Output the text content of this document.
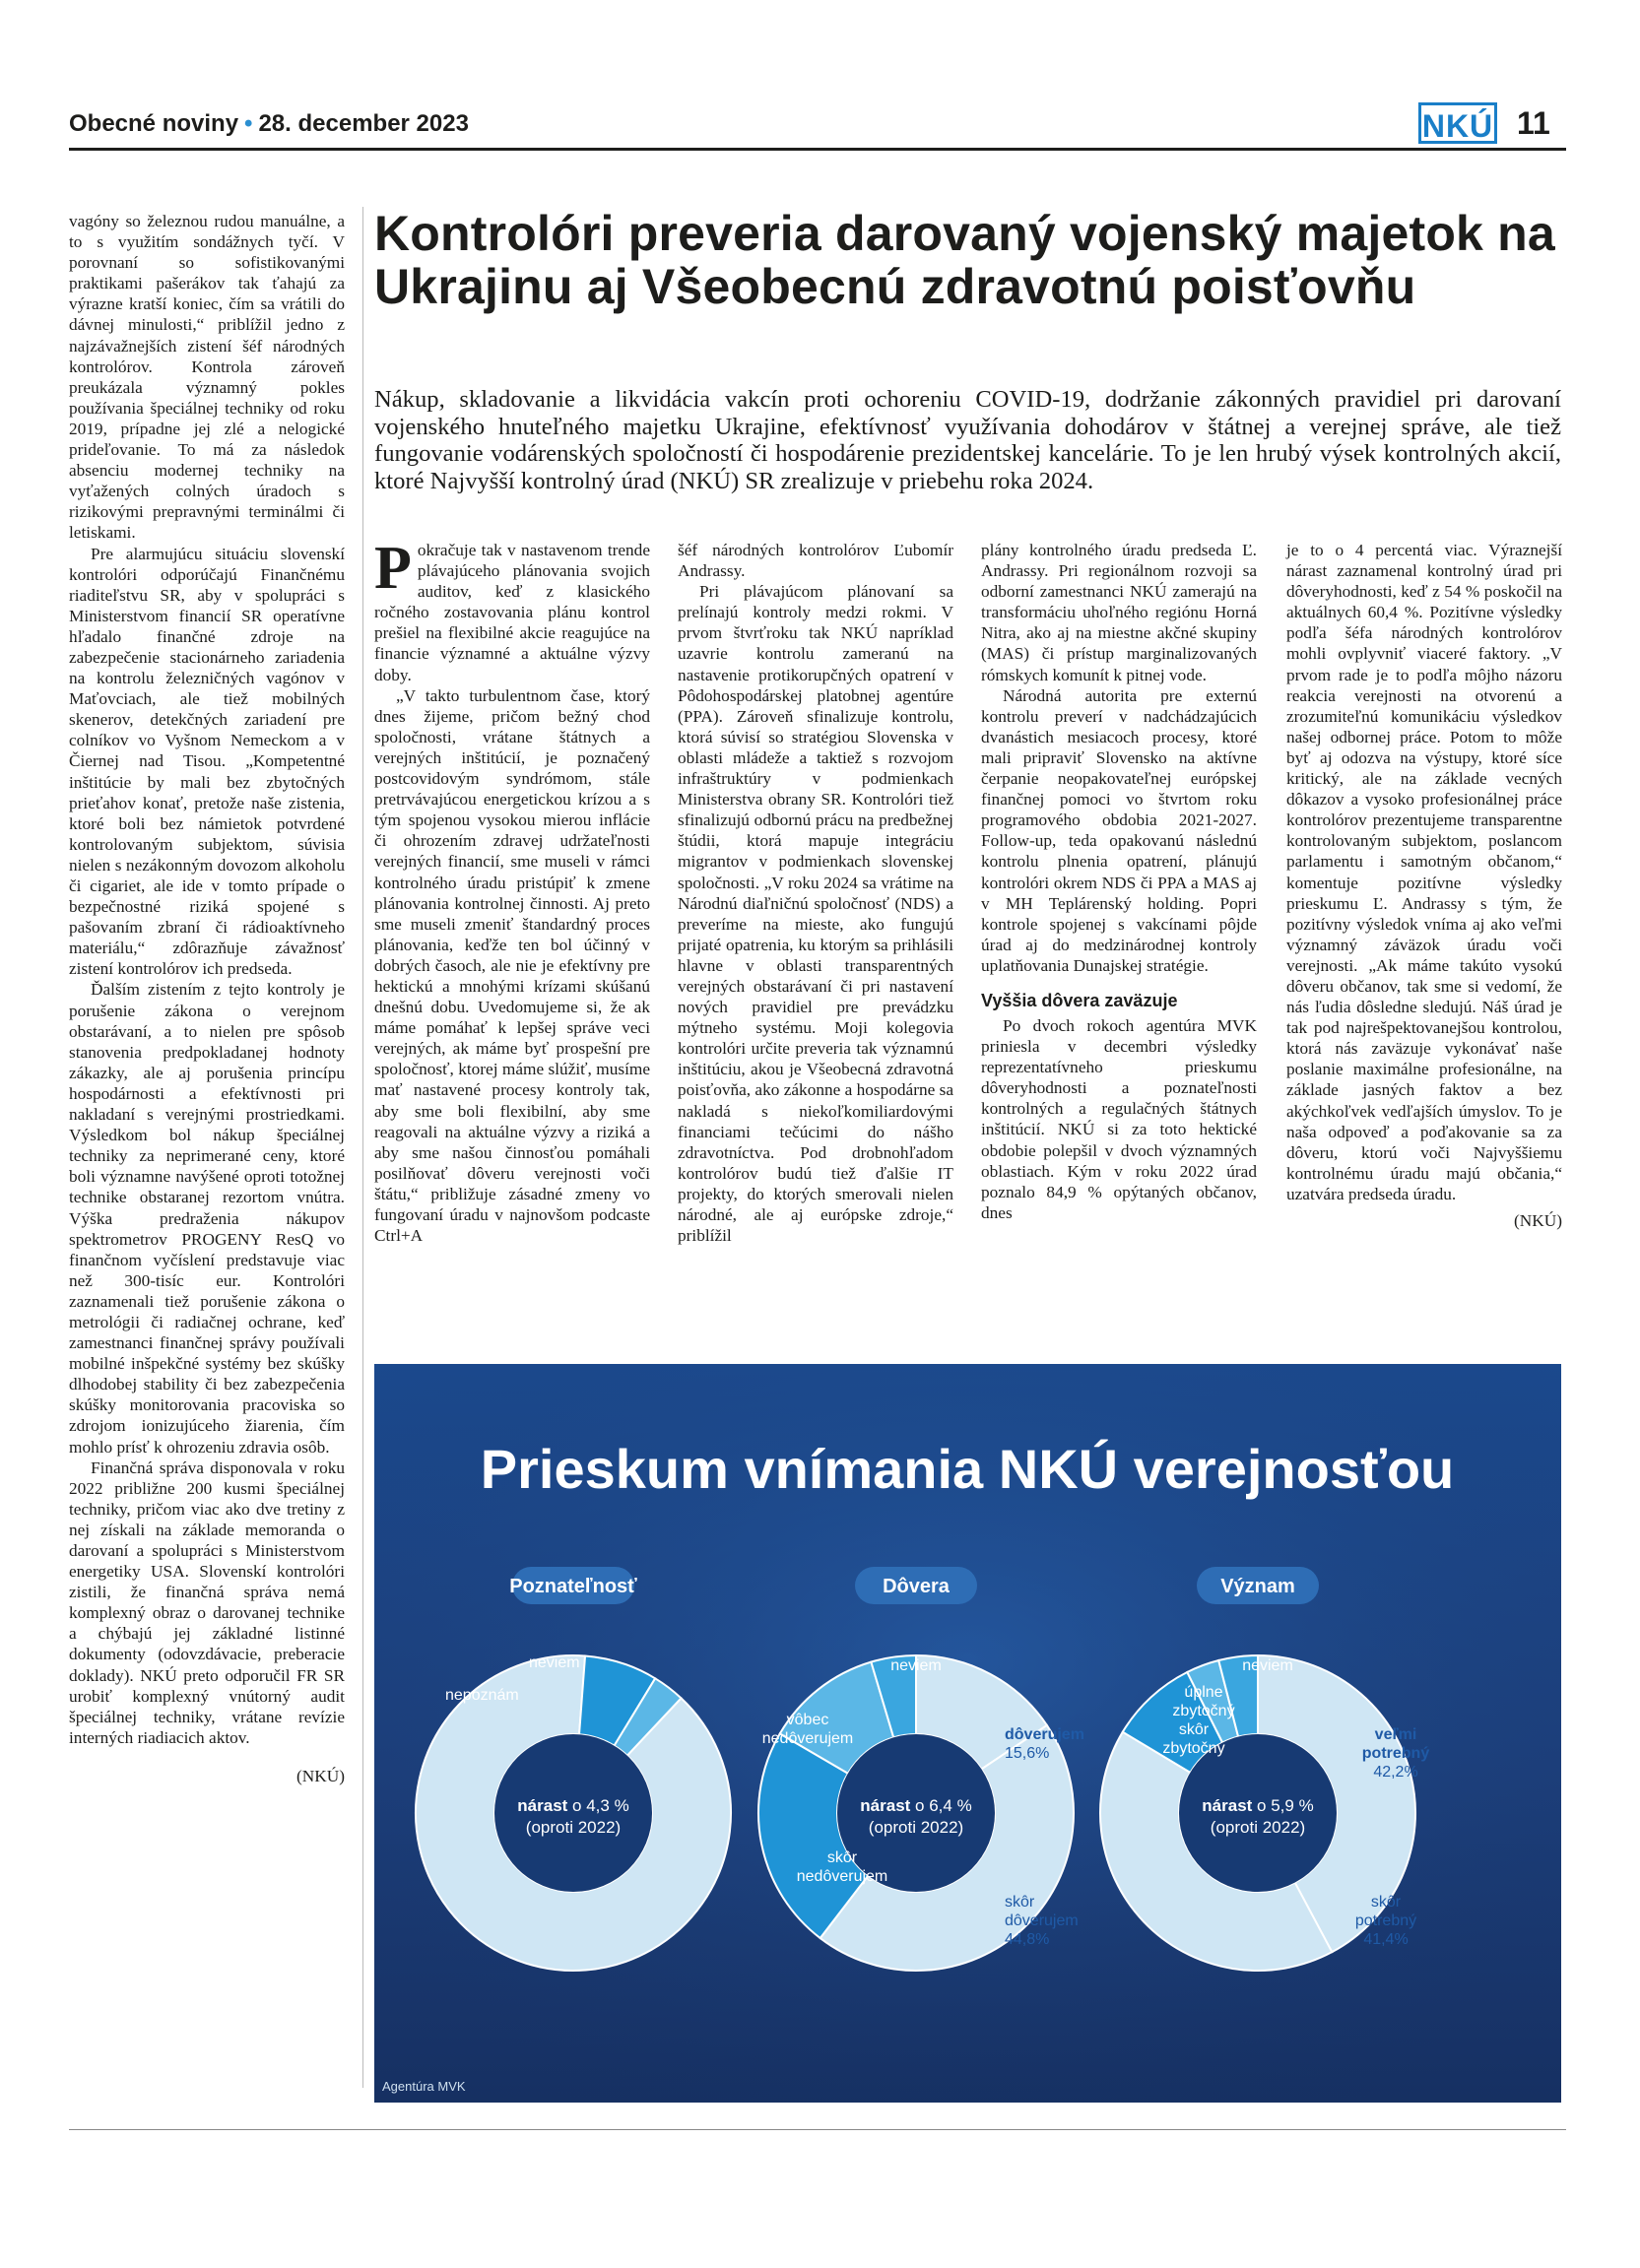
Obecné noviny • 28. december 2023	NKÚ 11

vagóny so železnou rudou manuálne, a to s využitím sondážnych tyčí. V porovnaní so sofistikovanými praktikami pašerákov tak ťahajú za výrazne kratší koniec, čím sa vrátili do dávnej minulosti,“ priblížil jedno z najzávažnejších zistení šéf národných kontrolórov. Kontrola zároveň preukázala významný pokles používania špeciálnej techniky od roku 2019, prípadne jej zlé a nelogické prideľovanie. To má za následok absenciu modernej techniky na vyťažených colných úradoch s rizikovými prepravnými terminálmi či letiskami.

Pre alarmujúcu situáciu slovenskí kontrolóri odporúčajú Finančnému riaditeľstvu SR, aby v spolupráci s Ministerstvom financií SR operatívne hľadalo finančné zdroje na zabezpečenie stacionárneho zariadenia na kontrolu železničných vagónov v Maťovciach, ale tiež mobilných skenerov, detekčných zariadení pre colníkov vo Vyšnom Nemeckom a v Čiernej nad Tisou. „Kompetentné inštitúcie by mali bez zbytočných prieťahov konať, pretože naše zistenia, ktoré boli bez námietok potvrdené kontrolovaným subjektom, súvisia nielen s nezákonným dovozom alkoholu či cigariet, ale ide v tomto prípade o bezpečnostné riziká spojené s pašovaním zbraní či rádioaktívneho materiálu,“ zdôrazňuje závažnosť zistení kontrolórov ich predseda.

Ďalším zistením z tejto kontroly je porušenie zákona o verejnom obstarávaní, a to nielen pre spôsob stanovenia predpokladanej hodnoty zákazky, ale aj porušenia princípu hospodárnosti a efektívnosti pri nakladaní s verejnými prostriedkami. Výsledkom bol nákup špeciálnej techniky za neprimerané ceny, ktoré boli významne navýšené oproti totožnej technike obstaranej rezortom vnútra. Výška predraženia nákupov spektrometrov PROGENY ResQ vo finančnom vyčíslení predstavuje viac než 300-tisíc eur. Kontrolóri zaznamenali tiež porušenie zákona o metrológii či radiačnej ochrane, keď zamestnanci finančnej správy používali mobilné inšpekčné systémy bez skúšky dlhodobej stability či bez zabezpečenia skúšky monitorovania pracoviska so zdrojom ionizujúceho žiarenia, čím mohlo prísť k ohrozeniu zdravia osôb.

Finančná správa disponovala v roku 2022 približne 200 kusmi špeciálnej techniky, pričom viac ako dve tretiny z nej získali na základe memoranda o darovaní a spolupráci s Ministerstvom energetiky USA. Slovenskí kontrolóri zistili, že finančná správa nemá komplexný obraz o darovanej technike a chýbajú jej základné listinné dokumenty (odovzdávacie, preberacie doklady). NKÚ preto odporučil FR SR urobiť komplexný vnútorný audit špeciálnej techniky, vrátane revízie interných riadiacich aktov.

(NKÚ)

Kontrolóri preveria darovaný vojenský majetok na Ukrajinu aj Všeobecnú zdravotnú poisťovňu

Nákup, skladovanie a likvidácia vakcín proti ochoreniu COVID-19, dodržanie zákonných pravidiel pri darovaní vojenského hnuteľného majetku Ukrajine, efektívnosť využívania dohodárov v štátnej a verejnej správe, ale tiež fungovanie vodárenských spoločností či hospodárenie prezidentskej kancelárie. To je len hrubý výsek kontrolných akcií, ktoré Najvyšší kontrolný úrad (NKÚ) SR zrealizuje v priebehu roka 2024.

Pokračuje tak v nastavenom trende plávajúceho plánovania svojich auditov, keď z klasického ročného zostavovania plánu kontrol prešiel na flexibilné akcie reagujúce na financie významné a aktuálne výzvy doby.

„V takto turbulentnom čase, ktorý dnes žijeme, pričom bežný chod spoločnosti, vrátane štátnych a verejných inštitúcií, je poznačený postcovidovým syndrómom, stále pretrvávajúcou energetickou krízou a s tým spojenou vysokou mierou inflácie či ohrozením zdravej udržateľnosti verejných financií, sme museli v rámci kontrolného úradu pristúpiť k zmene plánovania kontrolnej činnosti. Aj preto sme museli zmeniť štandardný proces plánovania, keďže ten bol účinný v dobrých časoch, ale nie je efektívny pre hektickú a mnohými krízami skúšanú dnešnú dobu. Uvedomujeme si, že ak máme pomáhať k lepšej správe veci verejných, ak máme byť prospešní pre spoločnosť, ktorej máme slúžiť, musíme mať nastavené procesy kontroly tak, aby sme boli flexibilní, aby sme reagovali na aktuálne výzvy a riziká a aby sme našou činnosťou pomáhali posilňovať dôveru verejnosti voči štátu,“ približuje zásadné zmeny vo fungovaní úradu v najnovšom podcaste Ctrl+A

šéf národných kontrolórov Ľubomír Andrassy.

Pri plávajúcom plánovaní sa prelínajú kontroly medzi rokmi. V prvom štvrťroku tak NKÚ napríklad uzavrie kontrolu zameranú na nastavenie protikorupčných opatrení v Pôdohospodárskej platobnej agentúre (PPA). Zároveň sfinalizuje kontrolu, ktorá súvisí so stratégiou Slovenska v oblasti mládeže a taktiež s rozvojom infraštruktúry v podmienkach Ministerstva obrany SR. Kontrolóri tiež sfinalizujú odbornú prácu na predbežnej štúdii, ktorá mapuje integráciu migrantov v podmienkach slovenskej spoločnosti. „V roku 2024 sa vrátime na Národnú diaľničnú spoločnosť (NDS) a preveríme na mieste, ako fungujú prijaté opatrenia, ku ktorým sa prihlásili hlavne v oblasti transparentných verejných obstarávaní či pri nastavení nových pravidiel pre prevádzku mýtneho systému. Moji kolegovia kontrolóri určite preveria tak významnú inštitúciu, akou je Všeobecná zdravotná poisťovňa, ako zákonne a hospodárne sa nakladá s niekoľkomiliardovými financiami tečúcimi do nášho zdravotníctva. Pod drobnohľadom kontrolórov budú tiež ďalšie IT projekty, do ktorých smerovali nielen národné, ale aj európske zdroje,“ priblížil

plány kontrolného úradu predseda Ľ. Andrassy. Pri regionálnom rozvoji sa odborní zamestnanci NKÚ zamerajú na transformáciu uhoľného regiónu Horná Nitra, ako aj na miestne akčné skupiny (MAS) či prístup marginalizovaných rómskych komunít k pitnej vode.

Národná autorita pre externú kontrolu preverí v nadchádzajúcich dvanástich mesiacoch procesy, ktoré mali pripraviť Slovensko na aktívne čerpanie neopakovateľnej európskej finančnej pomoci vo štvrtom roku programového obdobia 2021-2027. Follow-up, teda opakovanú následnú kontrolu plnenia opatrení, plánujú kontrolóri okrem NDS či PPA a MAS aj v MH Teplárenský holding. Popri kontrole spojenej s vakcínami pôjde úrad aj do medzinárodnej kontroly uplatňovania Dunajskej stratégie.

Vyššia dôvera zaväzuje

Po dvoch rokoch agentúra MVK priniesla v decembri výsledky reprezentatívneho prieskumu dôveryhodnosti a poznateľnosti kontrolných a regulačných štátnych inštitúcií. NKÚ si za toto hektické obdobie polepšil v dvoch významných oblastiach. Kým v roku 2022 úrad poznalo 84,9 % opýtaných občanov, dnes

je to o 4 percentá viac. Výraznejší nárast zaznamenal kontrolný úrad pri dôveryhodnosti, keď z 54 % poskočil na aktuálnych 60,4 %. Pozitívne výsledky podľa šéfa národných kontrolórov mohli ovplyvniť viaceré faktory. „V prvom rade je to podľa môjho názoru reakcia verejnosti na otvorenú a zrozumiteľnú komunikáciu výsledkov našej odbornej práce. Potom to môže byť aj odozva na výstupy, ktoré síce kritický, ale na základe vecných dôkazov a vysoko profesionálnej práce kontrolórov prezentujeme transparentne kontrolovaným subjektom, poslancom parlamentu i samotným občanom,“ komentuje pozitívne výsledky prieskumu Ľ. Andrassy s tým, že pozitívny výsledok vníma aj ako veľmi významný záväzok úradu voči verejnosti. „Ak máme takúto vysokú dôveru občanov, tak sme si vedomí, že nás ľudia dôsledne sledujú. Náš úrad je tak pod najrešpektovanejšou kontrolou, ktorá nás zaväzuje vykonávať naše poslanie maximálne profesionálne, na základe jasných faktov a bez akýchkoľvek vedľajších úmyslov. To je naša odpoveď a poďakovanie sa za dôveru, ktorú voči Najvyššiemu kontrolnému úradu majú občania,“ uzatvára predseda úradu.

(NKÚ)

Prieskum vnímania NKÚ verejnosťou
Agentúra MVK
Poznateľnosť
nárast o 4,3 %
(oproti 2022)
nepoznám
neviem
Dôvera
nárast o 6,4 %
(oproti 2022)
dôverujem
15,6%
skôr
dôverujem
44,8%
skôr
nedôverujem
vôbec
nedôverujem
neviem
Význam
nárast o 5,9 %
(oproti 2022)
veľmi
potrebný
42,2%
skôr
potrebný
41,4%
skôr
zbytočný
úplne
zbytočný
neviem
